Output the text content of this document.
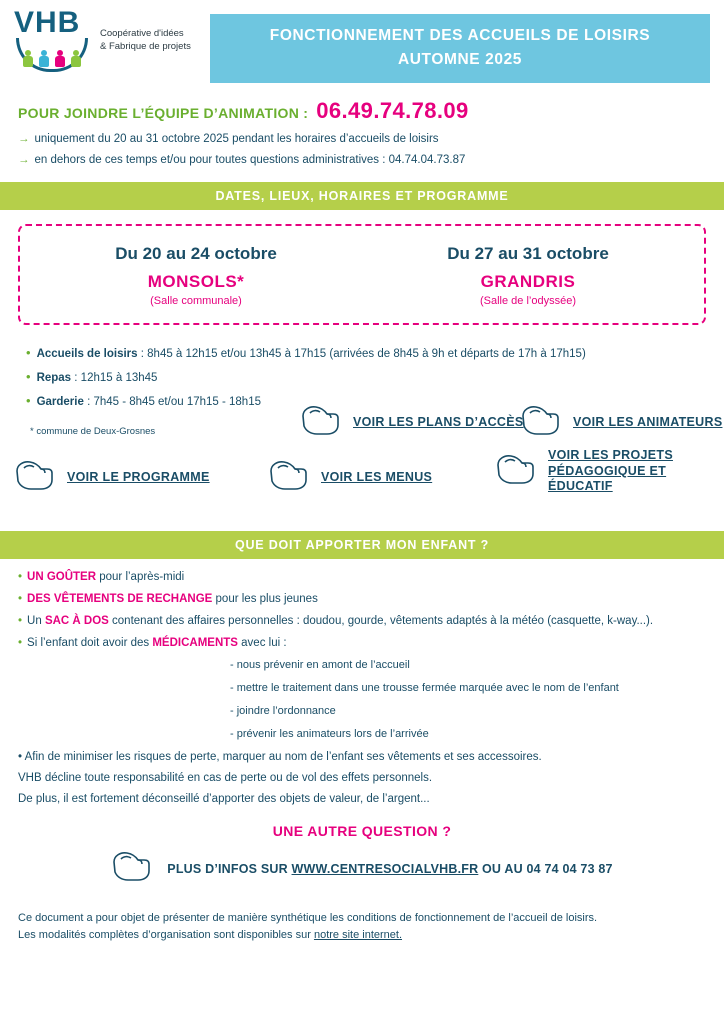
VHB	Coopérative d'idées
& Fabrique de projets
FONCTIONNEMENT DES ACCUEILS DE LOISIRS
AUTOMNE 2025
POUR JOINDRE L’ÉQUIPE D’ANIMATION : 06.49.74.78.09
→ uniquement du 20 au 31 octobre 2025 pendant les horaires d’accueils de loisirs
→ en dehors de ces temps et/ou pour toutes questions administratives : 04.74.04.73.87
DATES, LIEUX, HORAIRES ET PROGRAMME
Du 20 au 24 octobre
MONSOLS*
(Salle communale)
Du 27 au 31 octobre
GRANDRIS
(Salle de l’odyssée)
• Accueils de loisirs : 8h45 à 12h15 et/ou 13h45 à 17h15 (arrivées de 8h45 à 9h et départs de 17h à 17h15)
• Repas : 12h15 à 13h45
• Garderie : 7h45 - 8h45 et/ou 17h15 - 18h15
* commune de Deux-Grosnes
VOIR LES PLANS D’ACCÈS	VOIR LES ANIMATEURS
VOIR LE PROGRAMME	VOIR LES MENUS
VOIR LES PROJETS
PÉDAGOGIQUE ET ÉDUCATIF
QUE DOIT APPORTER MON ENFANT ?
• UN GOÛTER pour l’après-midi
• DES VÊTEMENTS DE RECHANGE pour les plus jeunes
• Un SAC À DOS contenant des affaires personnelles : doudou, gourde, vêtements adaptés à la météo (casquette, k-way...).
• Si l’enfant doit avoir des MÉDICAMENTS avec lui :
- nous prévenir en amont de l’accueil
- mettre le traitement dans une trousse fermée marquée avec le nom de l’enfant
- joindre l’ordonnance
- prévenir les animateurs lors de l’arrivée
• Afin de minimiser les risques de perte, marquer au nom de l’enfant ses vêtements et ses accessoires.
VHB décline toute responsabilité en cas de perte ou de vol des effets personnels.
De plus, il est fortement déconseillé d’apporter des objets de valeur, de l’argent...
UNE AUTRE QUESTION ?
PLUS D’INFOS SUR WWW.CENTRESOCIALVHB.FR OU AU 04 74 04 73 87
Ce document a pour objet de présenter de manière synthétique les conditions de fonctionnement de l’accueil de loisirs.
Les modalités complètes d’organisation sont disponibles sur notre site internet.
